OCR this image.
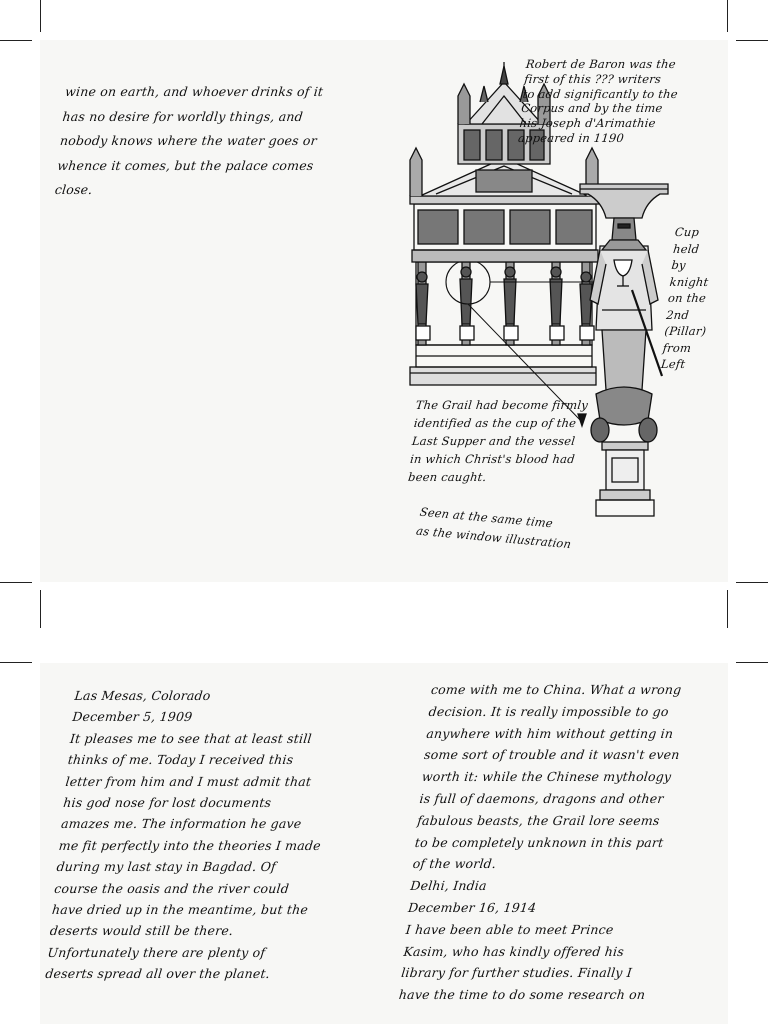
wine on earth, and whoever drinks of it
has no desire for worldly things, and
nobody knows where the water goes or
whence it comes, but the palace comes
close.
Robert de Baron was the
first of this ??? writers
to add significantly to the
Corpus and by the time
his Joseph d'Arimathie
appeared in 1190
Cup
held
by
knight
on the
2nd
(Pillar)
from
Left
The Grail had become firmly
identified as the cup of the
Last Supper and the vessel
in which Christ's blood had
been caught.
Seen at the same time
as the window illustration
Las Mesas, Colorado
December 5, 1909
It pleases me to see that at least still
thinks of me. Today I received this
letter from him and I must admit that
his god nose for lost documents
amazes me. The information he gave
me fit perfectly into the theories I made
during my last stay in Bagdad. Of
course the oasis and the river could
have dried up in the meantime, but the
deserts would still be there.
Unfortunately there are plenty of
deserts spread all over the planet.
come with me to China. What a wrong
decision. It is really impossible to go
anywhere with him without getting in
some sort of trouble and it wasn't even
worth it: while the Chinese mythology
is full of daemons, dragons and other
fabulous beasts, the Grail lore seems
to be completely unknown in this part
of the world.
Delhi, India
December 16, 1914
I have been able to meet Prince
Kasim, who has kindly offered his
library for further studies. Finally I
have the time to do some research on
